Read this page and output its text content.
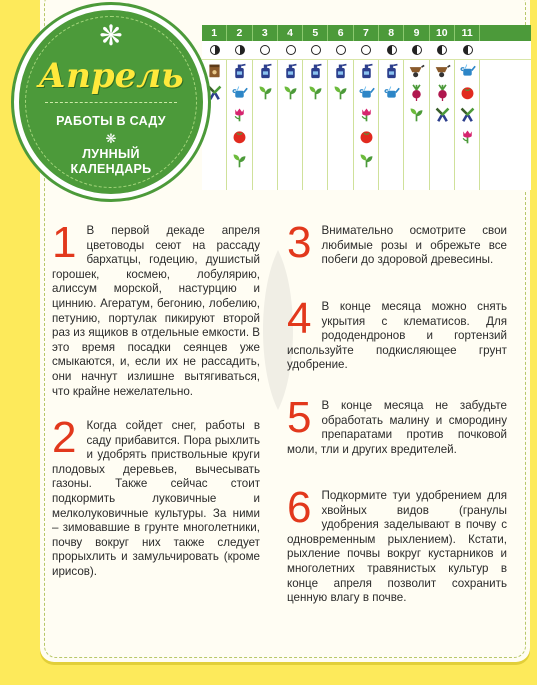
1 В первой декаде апреля цветоводы сеют на рассаду бархатцы, годецию, душистый горошек, космею, лобулярию, алиссум морской, настурцию и циннию. Агератум, бегонию, лобелию, петунию, портулак пикируют второй раз из ящиков в отдельные емкости. В это время посадки сеянцев уже смыкаются, и, если их не рассадить, они начнут излишне вытягиваться, что крайне нежелательно.
2 Когда сойдет снег, работы в саду прибавится. Пора рыхлить и удобрять приствольные круги плодовых деревьев, вычесывать газоны. Также сейчас стоит подкормить луковичные и мелколуковичные культуры. За ними – зимовавшие в грунте многолетники, почву вокруг них также следует прорыхлить и замульчировать (кроме ирисов).
3 Внимательно осмотрите свои любимые розы и обрежьте все побеги до здоровой древесины.
4 В конце месяца можно снять укрытия с клематисов. Для рододендронов и гортензий используйте подкисляющее грунт удобрение.
5 В конце месяца не забудьте обработать малину и смородину препаратами против почковой моли, тли и других вредителей.
6 Подкормите туи удобрением для хвойных видов (гранулы удобрения заделывают в почву с одновременным рыхлением). Кстати, рыхление почвы вокруг кустарников и многолетних травянистых культур в конце апреля позволит сохранить ценную влагу в почве.
❋
Апрель
РАБОТЫ В САДУ
❋
ЛУННЫЙ
КАЛЕНДАРЬ
1	2	3	4	5	6	7	8	9	10	11
